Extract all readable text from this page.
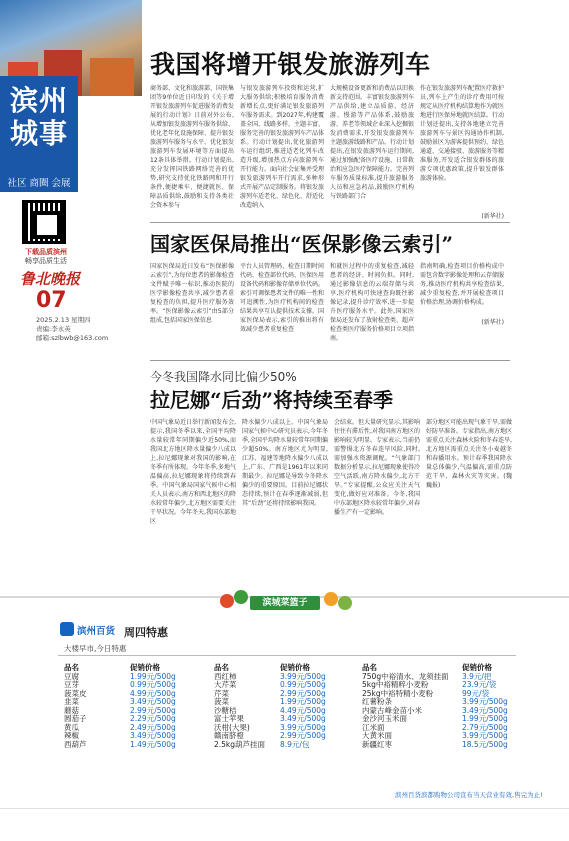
滨州城事
社区 商圈 会展
下载品质滨州
畅享品质生活
鲁北晚报
07
2025.2.13 星期四
责编:李永英
邮箱:szlbwb@163.com
我国将增开银发旅游列车
商务部、文化和旅游部、国铁集团等9单位近日印发的《关于增开银发旅游列车促进服务消费发展的行动计划》日前对外公布,从增加银发旅游列车服务供给、优化老年化设施保障、提升银发旅游列车服务与水平、优化银发旅游列车发展环境等方面提出12条具体举措。行动计划提出,充分发挥国铁路网络完善的优势,研究支持优化铁路网和开行条件,便捷乘车、便捷就医、保障品质供给,鼓励和支持各类社会资本参与
与银发旅游列车投资和运营,扩大服务供给;积极培育服务消费新增长点,更好满足银发旅游列车服务需求。到2027年,构建覆盖全国、线路多样、主题丰富、服务完善的银发旅游列车产品体系。行动计划提出,优化旅游列车运行组织,推进适老化列车改造升级,增加热点方向旅游列车开行能力。面向社会征集并受理银发旅游列车开行需求,多种形式开展产品定制服务。将银发旅游列车适老化、绿色化、舒适化改造纳入
大规模设备更新和消费品以旧换新支持范围。丰富银发旅游列车产品供给,建立品质游、经济游、慢游等产品体系,鼓励旅游、养老等领域企业深入挖掘银发消费需求,开发银发旅游列车主题旅游线路和产品。行动计划提出,在银发旅游列车运行期间,通过加强配备医疗设施、日常救治和应急医疗保障能力。完善列车服务质量标准,提升旅游服务人员和应急药品,鼓励医疗机构与铁路部门合
作在银发旅游列车配置医疗救护员,列车上产生的诊疗费用可按规定从医疗机构结算地作为就医地进行医保异地就医结算。行动计划还提出,支持各地建立完善旅游列车与景区沟通协作机制,鼓励景区为游客提供预约、绿色通道、交通接驳、旅游服务等精准服务,开发适合银发群体的旅游专项优惠政策,提升银发群体旅游体验。
(新华社)
国家医保局推出“医保影像云索引”
国家医保局近日发布“医保影像云索引”,为每位患者的影像检查文件赋予唯一标识,推动医院的医学影像检查共享,减少患者重复检查的负担,提升医疗服务效率。“医保影像云索引”由5部分组成,包括国家医保信息
平台人员管理码、检查日期时间代码、检查部位代码、医保医用设备代码和影像存储单位代码。索引可调保患者文件的唯一性和可追溯性,为医疗机构间的检查结果共享互认提供技术支撑。国家医保局表示,索引的推出将有效减少患者重复检查
和就医过程中的重复检查,减轻患者的经济、时间负担。同时,通过影像信息的云端存储与共享,医疗机构可快速查询既往影像记录,提升诊疗效率,进一步提升医疗服务水平。此外,国家医保局还发布了放射检查类、超声检查类医疗服务价格项目立项指南。
指南明确,检查项目价格构成中需包含数字影像处理和云存储服务,推动医疗机构共享检查结果,减少重复检查,并开展检查项目价格治理,协调价格构成。
(新华社)
今冬我国降水同比偏少50%
拉尼娜“后劲”将持续至春季
中国气象局近日举行新闻发布会,提示,我国冬季以来,全国平均降水量较常年同期偏少近50%,而我国北方地区降水量偏少八成以上,拉尼娜现象对我国的影响,在冬季有所体现。今年冬季,多地气温偏高,拉尼娜现象将持续到春季。中国气象局国家气候中心相关人员表示,南方和西北地区的降水较常年偏少,北方地区需要关注干旱状况。今年冬天,我国东部地区
降水偏少八成以上。中国气象局国家气候中心研究员表示,今年冬季,全国平均降水量较常年同期偏少超50%。南方地区尤为明显,江苏、福建等地降水偏少八成以上,广东、广西是1961年以来同期最少。拉尼娜是导致今冬降水偏少的重要原因。目前拉尼娜状态持续,预计在春季逐渐减弱,但其“后劲”还将持续影响我国。
会结束。但大量研究显示,其影响往往有滞后性,对我国南方地区的影响较为明显。专家表示,当前仍需警惕北方冬春连旱风险,同时,需加强水资源调配。“气象部门数据分析显示,拉尼娜现象使得冷空气活跃,南方降水偏少,北方干旱。”专家提醒,公众应关注天气变化,做好应对准备。今冬,我国中东部地区降水较常年偏少,对春播生产有一定影响。
部分地区可能出现气象干旱,需做好防旱准备。专家指出,南方地区需重点关注森林火险和冬春连旱,北方地区需重点关注冬小麦越冬和春播用水。预计春季我国降水量总体偏少,气温偏高,需重点防范干旱、森林火灾等灾害。(魏巍报)
滨城菜篮子
滨州百货 周四特惠
大楼早市,今日特惠
品名	促销价格
豆腐	1.99元/500g
豆芽	0.99元/500g
菠菜皮	4.99元/500g
韭菜	3.49元/500g
蘑菇	2.99元/500g
圆茄子	2.29元/500g
黄瓜	2.49元/500g
辣椒	3.49元/500g
西葫芦	1.49元/500g
品名	促销价格
西红柿	3.99元/500g
大芹菜	0.99元/500g
芹菜	2.99元/500g
菠菜	1.99元/500g
沙糖桔	4.49元/500g
富士苹果	3.49元/500g
沃柑(大果)	3.99元/500g
赣南脐橙	2.99元/500g
2.5kg葫芦挂面	8.9元/包
品名	促销价格
750g中裕清水、龙须挂面	3.9元/把
5kg中裕精粹小麦粉	23.9元/袋
25kg中裕特精小麦粉	99元/袋
红薯粉条	3.99元/500g
内蒙古峰金苗小米	3.49元/500g
金沙河玉米面	1.99元/500g
江米面	2.79元/500g
大黄米面	3.99元/500g
新疆红枣	18.5元/500g
滨州百货滨都购物公司宣布当天营业有效,售完为止!
